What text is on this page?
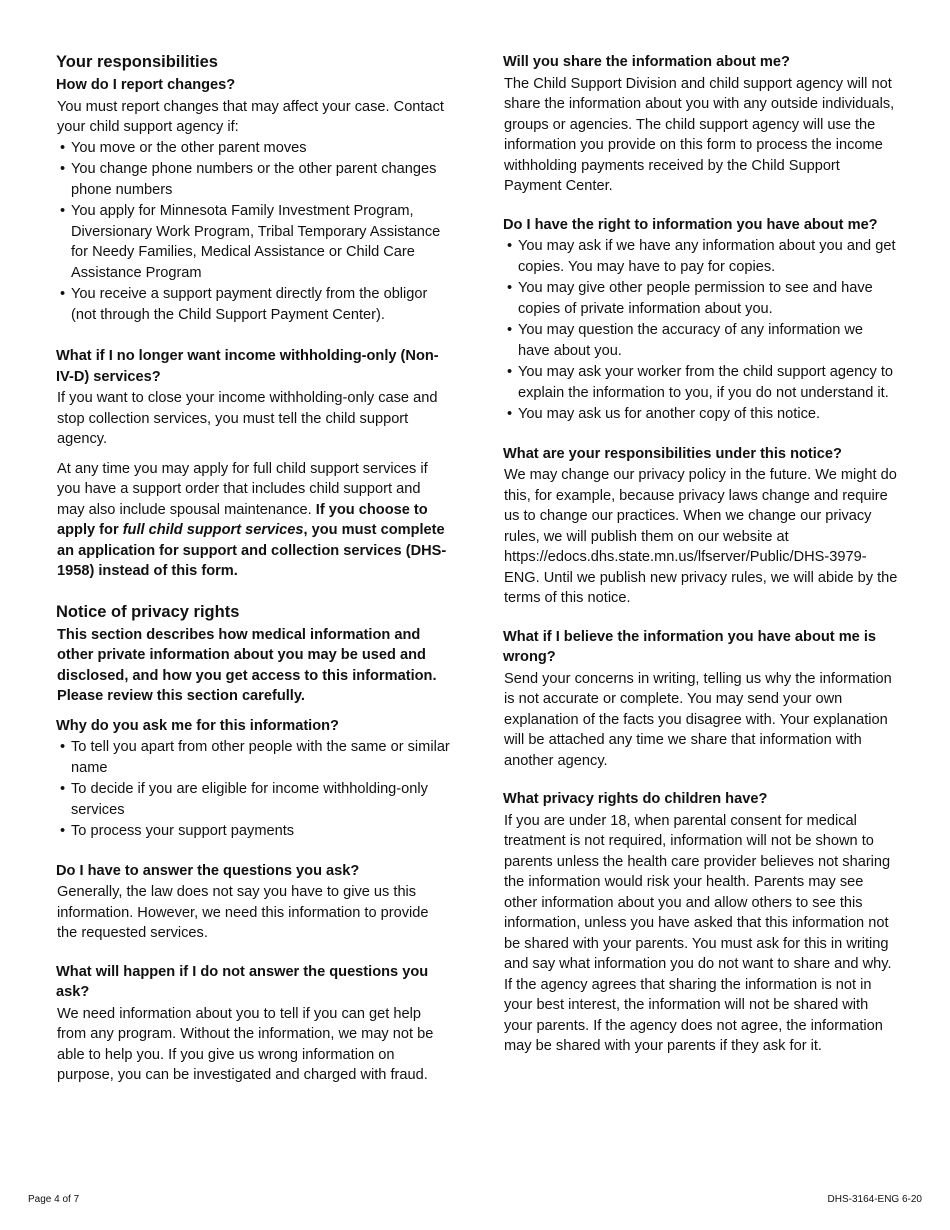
Your responsibilities
How do I report changes?

You must report changes that may affect your case. Contact your child support agency if:

• You move or the other parent moves
• You change phone numbers or the other parent changes phone numbers
• You apply for Minnesota Family Investment Program, Diversionary Work Program, Tribal Temporary Assistance for Needy Families, Medical Assistance or Child Care Assistance Program
• You receive a support payment directly from the obligor (not through the Child Support Payment Center).
What if I no longer want income withholding-only (Non-IV-D) services?

If you want to close your income withholding-only case and stop collection services, you must tell the child support agency.

At any time you may apply for full child support services if you have a support order that includes child support and may also include spousal maintenance. If you choose to apply for full child support services, you must complete an application for support and collection services (DHS-1958) instead of this form.

Notice of privacy rights

This section describes how medical information and other private information about you may be used and disclosed, and how you get access to this information. Please review this section carefully.

Why do you ask me for this information?
• To tell you apart from other people with the same or similar name
• To decide if you are eligible for income withholding-only services
• To process your support payments
Do I have to answer the questions you ask?

Generally, the law does not say you have to give us this information. However, we need this information to provide the requested services.

What will happen if I do not answer the questions you ask?

We need information about you to tell if you can get help from any program. Without the information, we may not be able to help you. If you give us wrong information on purpose, you can be investigated and charged with fraud.

Will you share the information about me?

The Child Support Division and child support agency will not share the information about you with any outside individuals, groups or agencies. The child support agency will use the information you provide on this form to process the income withholding payments received by the Child Support Payment Center.

Do I have the right to information you have about me?
• You may ask if we have any information about you and get copies. You may have to pay for copies.
• You may give other people permission to see and have copies of private information about you.
• You may question the accuracy of any information we have about you.
• You may ask your worker from the child support agency to explain the information to you, if you do not understand it.
• You may ask us for another copy of this notice.
What are your responsibilities under this notice?

We may change our privacy policy in the future. We might do this, for example, because privacy laws change and require us to change our practices. When we change our privacy rules, we will publish them on our website at https://edocs.dhs.state.mn.us/lfserver/Public/DHS-3979-ENG. Until we publish new privacy rules, we will abide by the terms of this notice.

What if I believe the information you have about me is wrong?

Send your concerns in writing, telling us why the information is not accurate or complete. You may send your own explanation of the facts you disagree with. Your explanation will be attached any time we share that information with another agency.

What privacy rights do children have?

If you are under 18, when parental consent for medical treatment is not required, information will not be shown to parents unless the health care provider believes not sharing the information would risk your health. Parents may see other information about you and allow others to see this information, unless you have asked that this information not be shared with your parents. You must ask for this in writing and say what information you do not want to share and why. If the agency agrees that sharing the information is not in your best interest, the information will not be shared with your parents. If the agency does not agree, the information may be shared with your parents if they ask for it.

Page 4 of 7	DHS-3164-ENG 6-20
